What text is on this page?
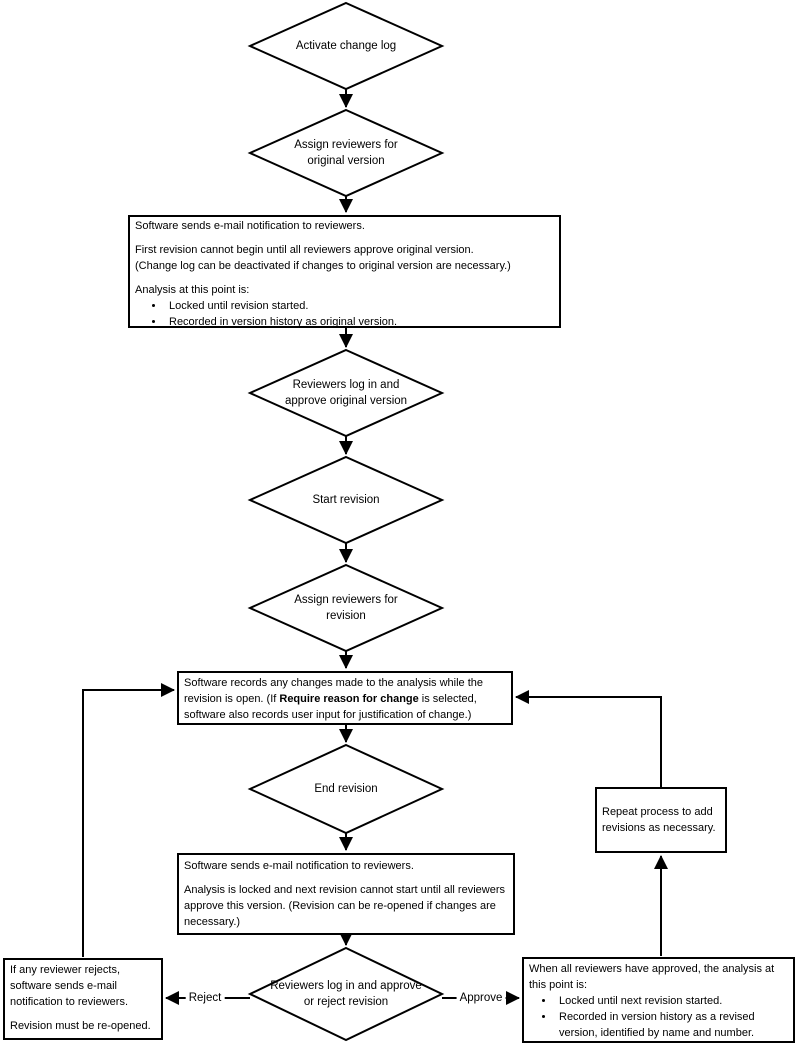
Activate change log
Assign reviewers for original version
Reviewers log in and approve original version
Start revision
Assign reviewers for revision
End revision
Reviewers log in and approve or reject revision

Software sends e-mail notification to reviewers.

First revision cannot begin until all reviewers approve original version.

(Change log can be deactivated if changes to original version are necessary.)

Analysis at this point is:

• Locked until revision started.
• Recorded in version history as original version.

Software records any changes made to the analysis while the revision is open. (If Require reason for change is selected, software also records user input for justification of change.)

Software sends e-mail notification to reviewers.

Analysis is locked and next revision cannot start until all reviewers approve this version. (Revision can be re-opened if changes are necessary.)

Repeat process to add revisions as necessary.

If any reviewer rejects, software sends e-mail notification to reviewers.

Revision must be re-opened.

When all reviewers have approved, the analysis at this point is:

• Locked until next revision started.
• Recorded in version history as a revised version, identified by name and number.
Reject	Approve
